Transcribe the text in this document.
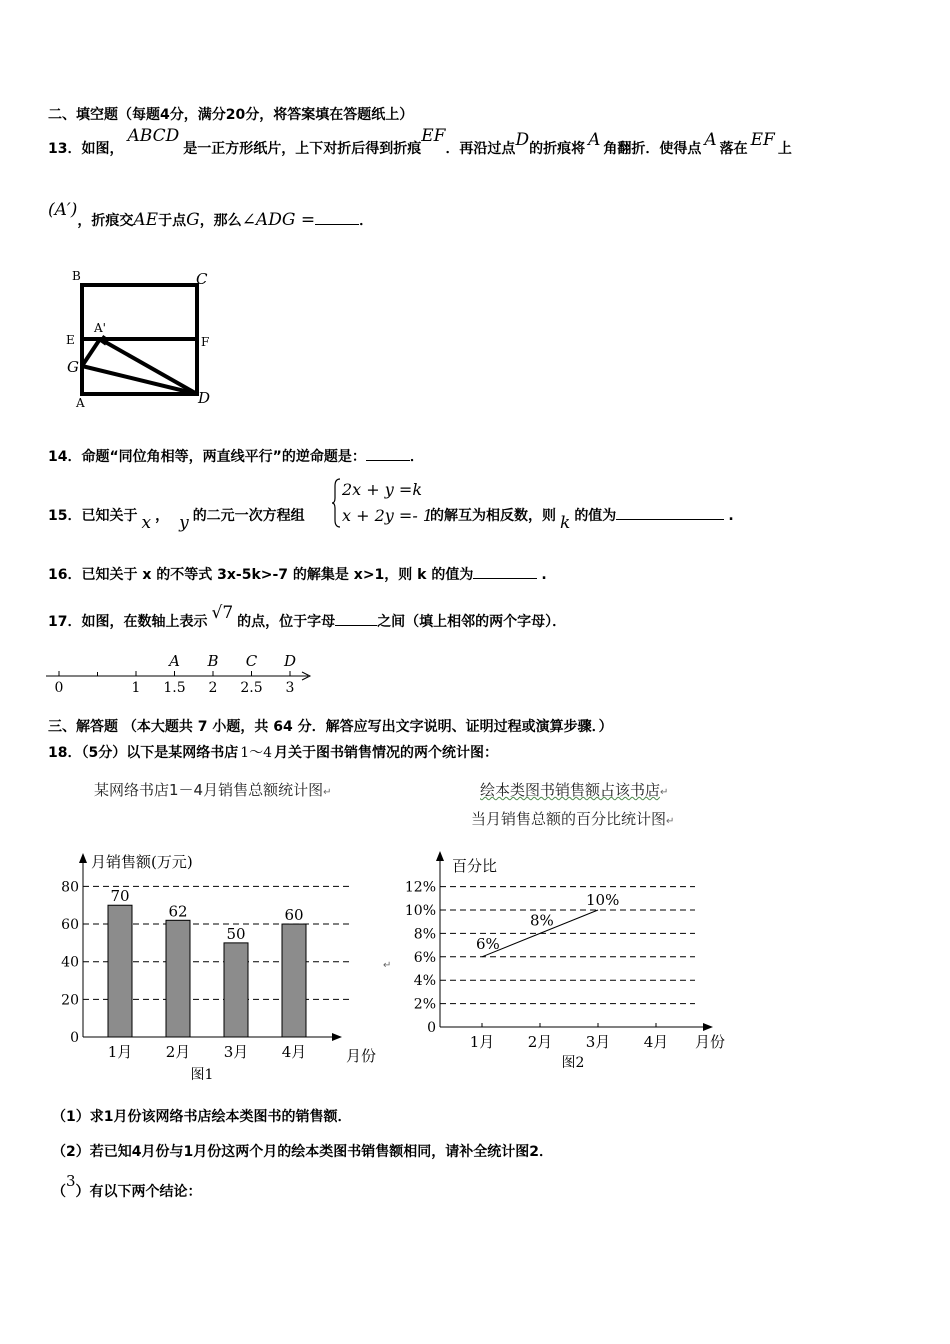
二、填空题（每题4分，满分20分，将答案填在答题纸上）
13．如图，ABCD是一正方形纸片，上下对折后得到折痕EF．再沿过点D的折痕将 A 角翻折．使得点 A 落在 EF 上
(A′)，折痕交AE于点G，那么∠ADG =	．
B	C
E	F
A'
G
A	D
14．命题“同位角相等，两直线平行”的逆命题是：	．
15．已知关于 x ， y 的二元一次方程组
2x + y =k
x + 2y =- 1
的解互为相反数，则 k 的值为	.
16．已知关于 x 的不等式 3x-5k>-7 的解集是 x>1，则 k 的值为	.
17．如图，在数轴上表示 √7 的点，位于字母	之间（填上相邻的两个字母）．
0	1 1.5 2 2.5 3
A B C D
三、解答题 （本大题共 7 小题，共 64 分．解答应写出文字说明、证明过程或演算步骤．）
18．（5分）以下是某网络书店 1～4 月关于图书销售情况的两个统计图：
某网络书店1－4月销售总额统计图↵	绘本类图书销售额占该书店↵
当月销售总额的百分比统计图↵
0
20
40
60
80
月销售额(万元)
月份
70
1月
62
2月
50
3月
60
4月
图1
↵
0
2%
4%
6%
8%
10%
12%
百分比
月份
1月 2月 3月 4月
6%
8%
10%
图2
（1）求1月份该网络书店绘本类图书的销售额．
（2）若已知4月份与1月份这两个月的绘本类图书销售额相同，请补全统计图2．
（3）有以下两个结论：
